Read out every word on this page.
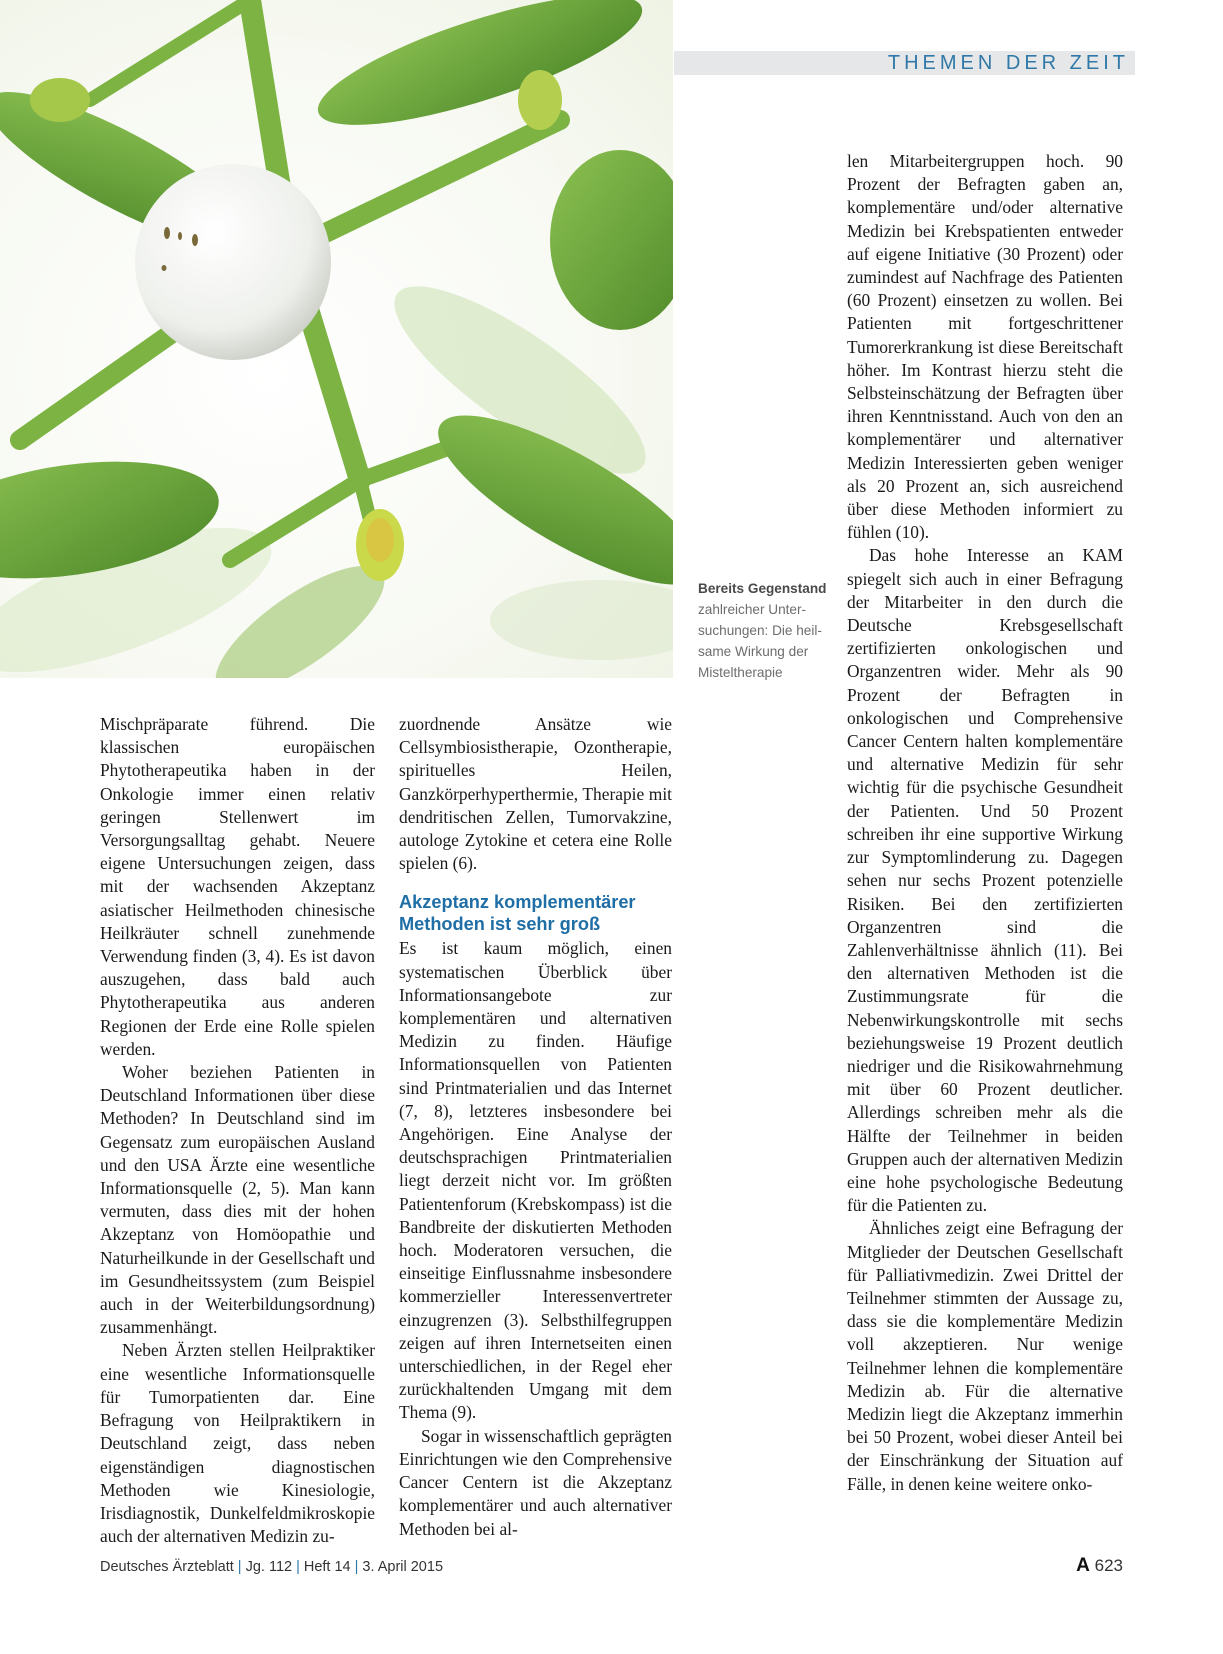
THEMEN DER ZEIT
Bereits Gegenstand
zahlreicher Unter-
suchungen: Die heil-
same Wirkung der
Misteltherapie

Mischpräparate führend. Die klassischen europäischen Phytotherapeutika haben in der Onkologie immer einen relativ geringen Stellenwert im Versorgungsalltag gehabt. Neuere eigene Untersuchungen zeigen, dass mit der wachsenden Akzeptanz asiatischer Heilmethoden chinesische Heilkräuter schnell zunehmende Verwendung finden (3, 4). Es ist davon auszugehen, dass bald auch Phytotherapeutika aus anderen Regionen der Erde eine Rolle spielen werden.

Woher beziehen Patienten in Deutschland Informationen über diese Methoden? In Deutschland sind im Gegensatz zum europäischen Ausland und den USA Ärzte eine wesentliche Informationsquelle (2, 5). Man kann vermuten, dass dies mit der hohen Akzeptanz von Homöopathie und Naturheilkunde in der Gesellschaft und im Gesundheitssystem (zum Beispiel auch in der Weiterbildungsordnung) zusammenhängt.

Neben Ärzten stellen Heilpraktiker eine wesentliche Informationsquelle für Tumorpatienten dar. Eine Befragung von Heilpraktikern in Deutschland zeigt, dass neben eigenständigen diagnostischen Methoden wie Kinesiologie, Irisdiagnostik, Dunkelfeldmikroskopie auch der alternativen Medizin zu-

zuordnende Ansätze wie Cellsymbiosistherapie, Ozontherapie, spirituelles Heilen, Ganzkörperhyperthermie, Therapie mit dendritischen Zellen, Tumorvakzine, autologe Zytokine et cetera eine Rolle spielen (6).

Akzeptanz komplementärer Methoden ist sehr groß

Es ist kaum möglich, einen systematischen Überblick über Informationsangebote zur komplementären und alternativen Medizin zu finden. Häufige Informationsquellen von Patienten sind Printmaterialien und das Internet (7, 8), letzteres insbesondere bei Angehörigen. Eine Analyse der deutschsprachigen Printmaterialien liegt derzeit nicht vor. Im größten Patientenforum (Krebskompass) ist die Bandbreite der diskutierten Methoden hoch. Moderatoren versuchen, die einseitige Einflussnahme insbesondere kommerzieller Interessenvertreter einzugrenzen (3). Selbsthilfegruppen zeigen auf ihren Internetseiten einen unterschiedlichen, in der Regel eher zurückhaltenden Umgang mit dem Thema (9).

Sogar in wissenschaftlich geprägten Einrichtungen wie den Comprehensive Cancer Centern ist die Akzeptanz komplementärer und auch alternativer Methoden bei al-

len Mitarbeitergruppen hoch. 90 Prozent der Befragten gaben an, komplementäre und/oder alternative Medizin bei Krebspatienten entweder auf eigene Initiative (30 Prozent) oder zumindest auf Nachfrage des Patienten (60 Prozent) einsetzen zu wollen. Bei Patienten mit fortgeschrittener Tumorerkrankung ist diese Bereitschaft höher. Im Kontrast hierzu steht die Selbsteinschätzung der Befragten über ihren Kenntnisstand. Auch von den an komplementärer und alternativer Medizin Interessierten geben weniger als 20 Prozent an, sich ausreichend über diese Methoden informiert zu fühlen (10).

Das hohe Interesse an KAM spiegelt sich auch in einer Befragung der Mitarbeiter in den durch die Deutsche Krebsgesellschaft zertifizierten onkologischen und Organzentren wider. Mehr als 90 Prozent der Befragten in onkologischen und Comprehensive Cancer Centern halten komplementäre und alternative Medizin für sehr wichtig für die psychische Gesundheit der Patienten. Und 50 Prozent schreiben ihr eine supportive Wirkung zur Symptomlinderung zu. Dagegen sehen nur sechs Prozent potenzielle Risiken. Bei den zertifizierten Organzentren sind die Zahlenverhältnisse ähnlich (11). Bei den alternativen Methoden ist die Zustimmungsrate für die Nebenwirkungskontrolle mit sechs beziehungsweise 19 Prozent deutlich niedriger und die Risikowahrnehmung mit über 60 Prozent deutlicher. Allerdings schreiben mehr als die Hälfte der Teilnehmer in beiden Gruppen auch der alternativen Medizin eine hohe psychologische Bedeutung für die Patienten zu.

Ähnliches zeigt eine Befragung der Mitglieder der Deutschen Gesellschaft für Palliativmedizin. Zwei Drittel der Teilnehmer stimmten der Aussage zu, dass sie die komplementäre Medizin voll akzeptieren. Nur wenige Teilnehmer lehnen die komplementäre Medizin ab. Für die alternative Medizin liegt die Akzeptanz immerhin bei 50 Prozent, wobei dieser Anteil bei der Einschränkung der Situation auf Fälle, in denen keine weitere onko-

Deutsches Ärzteblatt | Jg. 112 | Heft 14 | 3. April 2015	A 623
